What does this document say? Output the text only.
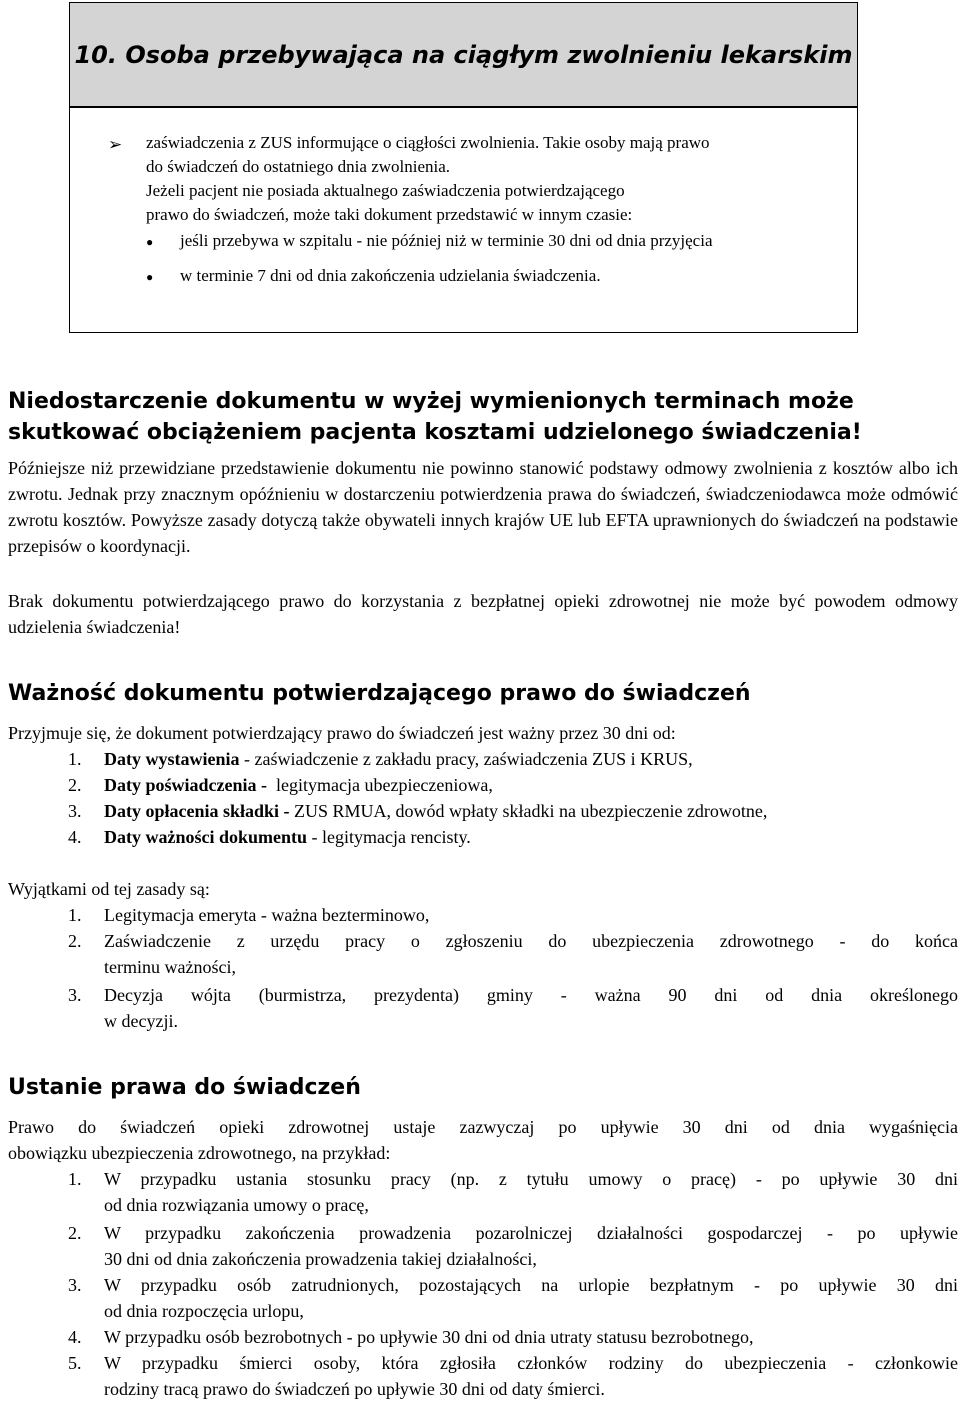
10. Osoba przebywająca na ciągłym zwolnieniu lekarskim
➢ zaświadczenia z ZUS informujące o ciągłości zwolnienia. Takie osoby mają prawo
do świadczeń do ostatniego dnia zwolnienia.
Jeżeli pacjent nie posiada aktualnego zaświadczenia potwierdzającego
prawo do świadczeń, może taki dokument przedstawić w innym czasie:
● jeśli przebywa w szpitalu - nie później niż w terminie 30 dni od dnia przyjęcia
● w terminie 7 dni od dnia zakończenia udzielania świadczenia.
Niedostarczenie dokumentu w wyżej wymienionych terminach może
skutkować obciążeniem pacjenta kosztami udzielonego świadczenia!
Późniejsze niż przewidziane przedstawienie dokumentu nie powinno stanowić podstawy odmowy zwolnienia z kosztów albo ich zwrotu. Jednak przy znacznym opóźnieniu w dostarczeniu potwierdzenia prawa do świadczeń, świadczeniodawca może odmówić zwrotu kosztów. Powyższe zasady dotyczą także obywateli innych krajów UE lub EFTA uprawnionych do świadczeń na podstawie przepisów o koordynacji.
Brak dokumentu potwierdzającego prawo do korzystania z bezpłatnej opieki zdrowotnej nie może być powodem odmowy udzielenia świadczenia!
Ważność dokumentu potwierdzającego prawo do świadczeń
Przyjmuje się, że dokument potwierdzający prawo do świadczeń jest ważny przez 30 dni od:
1. Daty wystawienia - zaświadczenie z zakładu pracy, zaświadczenia ZUS i KRUS,
2. Daty poświadczenia -  legitymacja ubezpieczeniowa,
3. Daty opłacenia składki - ZUS RMUA, dowód wpłaty składki na ubezpieczenie zdrowotne,
4. Daty ważności dokumentu - legitymacja rencisty.
Wyjątkami od tej zasady są:
1. Legitymacja emeryta - ważna bezterminowo,
2. Zaświadczenie z urzędu pracy o zgłoszeniu do ubezpieczenia zdrowotnego - do końca
terminu ważności,
3. Decyzja wójta (burmistrza, prezydenta) gminy - ważna 90 dni od dnia określonego
w decyzji.
Ustanie prawa do świadczeń
Prawo do świadczeń opieki zdrowotnej ustaje zazwyczaj po upływie 30 dni od dnia wygaśnięcia
obowiązku ubezpieczenia zdrowotnego, na przykład:
1. W przypadku ustania stosunku pracy (np. z tytułu umowy o pracę) - po upływie 30 dni
od dnia rozwiązania umowy o pracę,
2. W przypadku zakończenia prowadzenia pozarolniczej działalności gospodarczej - po upływie
30 dni od dnia zakończenia prowadzenia takiej działalności,
3. W przypadku osób zatrudnionych, pozostających na urlopie bezpłatnym - po upływie 30 dni
od dnia rozpoczęcia urlopu,
4. W przypadku osób bezrobotnych - po upływie 30 dni od dnia utraty statusu bezrobotnego,
5. W przypadku śmierci osoby, która zgłosiła członków rodziny do ubezpieczenia - członkowie
rodziny tracą prawo do świadczeń po upływie 30 dni od daty śmierci.
